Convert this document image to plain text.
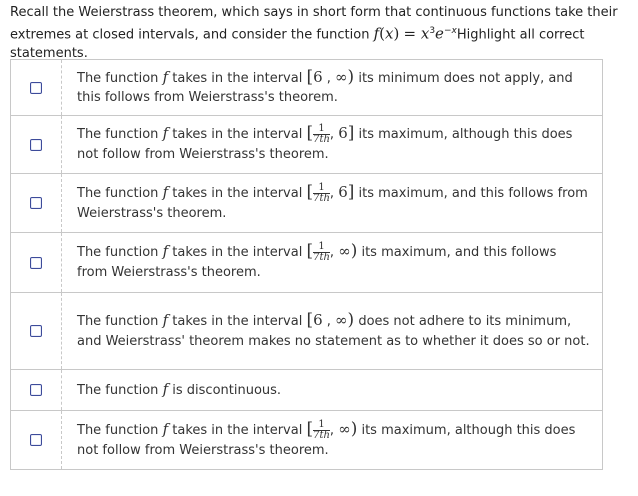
Recall the Weierstrass theorem, which says in short form that continuous functions take their extremes at closed intervals, and consider the function $f(x) = x^3e^{-x}Highlight$ all correct statements.
	The function f takes in the interval [6 , ∞) its minimum does not apply, and this follows from Weierstrass's theorem.
	The function f takes in the interval [ $\frac{1}{7th}$ , 6] its maximum, although this does not follow from Weierstrass's theorem.
	The function f takes in the interval [ $\frac{1}{7th}$ , 6] its maximum, and this follows from Weierstrass's theorem.
	The function f takes in the interval [ $\frac{1}{7th}$ , ∞) its maximum, and this follows from Weierstrass's theorem.
	The function f takes in the interval [6 , ∞) does not adhere to its minimum, and Weierstrass' theorem makes no statement as to whether it does so or not.
	The function f is discontinuous.
	The function f takes in the interval [ $\frac{1}{7th}$ , ∞) its maximum, although this does not follow from Weierstrass's theorem.
